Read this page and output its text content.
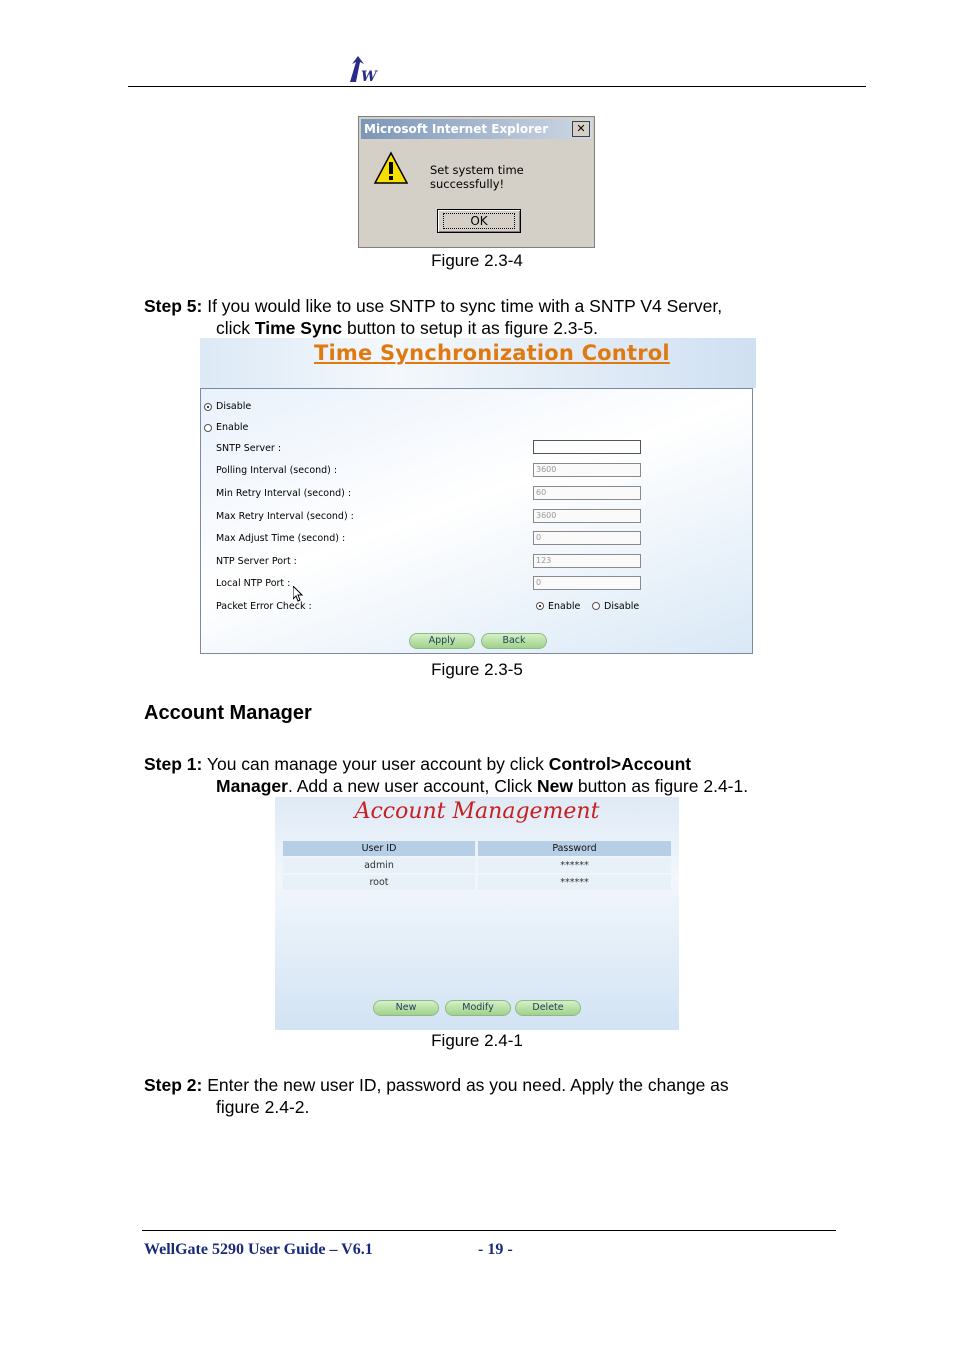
W
Microsoft Internet Explorer	✕
Set system time successfully!
OK
Figure 2.3-4
Step 5: If you would like to use SNTP to sync time with a SNTP V4 Server,
click Time Sync button to setup it as figure 2.3-5.
Time Synchronization Control
Disable
Enable
SNTP Server :
Polling Interval (second) :	3600
Min Retry Interval (second) :	60
Max Retry Interval (second) :	3600
Max Adjust Time (second) :	0
NTP Server Port :	123
Local NTP Port :	0
Packet Error Check :	Enable Disable
Apply	Back
Figure 2.3-5
Account Manager
Step 1: You can manage your user account by click Control>Account
Manager. Add a new user account, Click New button as figure 2.4-1.
Account Management
User ID	Password
admin	******
root	******
New	Modify	Delete
Figure 2.4-1
Step 2: Enter the new user ID, password as you need. Apply the change as
figure 2.4-2.
WellGate 5290 User Guide – V6.1	- 19 -
